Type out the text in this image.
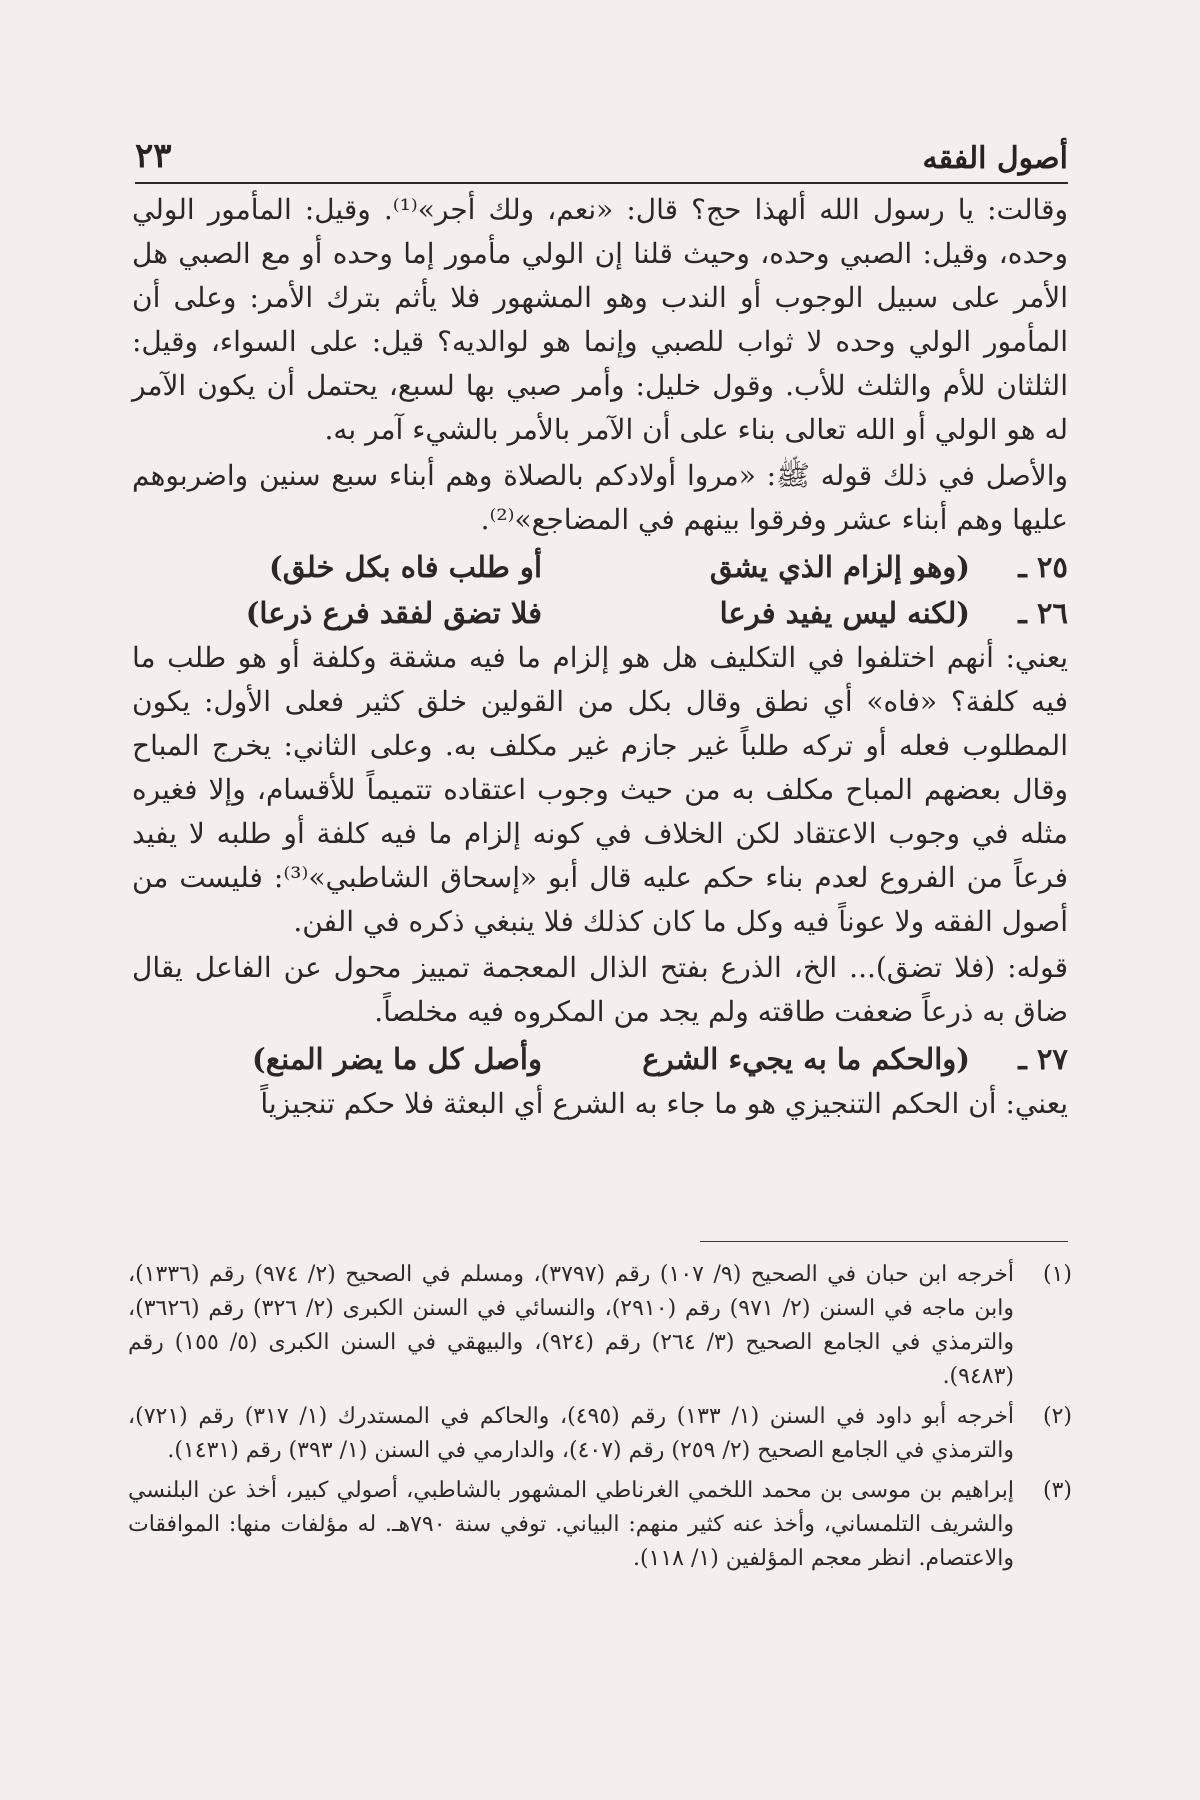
أصول الفقه
٢٣

وقالت: يا رسول الله ألهذا حج؟ قال: «نعم، ولك أجر»⁽¹⁾. وقيل: المأمور الولي وحده، وقيل: الصبي وحده، وحيث قلنا إن الولي مأمور إما وحده أو مع الصبي هل الأمر على سبيل الوجوب أو الندب وهو المشهور فلا يأثم بترك الأمر: وعلى أن المأمور الولي وحده لا ثواب للصبي وإنما هو لوالديه؟ قيل: على السواء، وقيل: الثلثان للأم والثلث للأب. وقول خليل: وأمر صبي بها لسبع، يحتمل أن يكون الآمر له هو الولي أو الله تعالى بناء على أن الآمر بالأمر بالشيء آمر به.

والأصل في ذلك قوله ﷺ: «مروا أولادكم بالصلاة وهم أبناء سبع سنين واضربوهم عليها وهم أبناء عشر وفرقوا بينهم في المضاجع»⁽²⁾.

٢٥ ـ
(وهو إلزام الذي يشق
أو طلب فاه بكل خلق)
٢٦ ـ
(لكنه ليس يفيد فرعا
فلا تضق لفقد فرع ذرعا)

يعني: أنهم اختلفوا في التكليف هل هو إلزام ما فيه مشقة وكلفة أو هو طلب ما فيه كلفة؟ «فاه» أي نطق وقال بكل من القولين خلق كثير فعلى الأول: يكون المطلوب فعله أو تركه طلباً غير جازم غير مكلف به. وعلى الثاني: يخرج المباح وقال بعضهم المباح مكلف به من حيث وجوب اعتقاده تتميماً للأقسام، وإلا فغيره مثله في وجوب الاعتقاد لكن الخلاف في كونه إلزام ما فيه كلفة أو طلبه لا يفيد فرعاً من الفروع لعدم بناء حكم عليه قال أبو «إسحاق الشاطبي»⁽³⁾: فليست من أصول الفقه ولا عوناً فيه وكل ما كان كذلك فلا ينبغي ذكره في الفن.

قوله: (فلا تضق)... الخ، الذرع بفتح الذال المعجمة تمييز محول عن الفاعل يقال ضاق به ذرعاً ضعفت طاقته ولم يجد من المكروه فيه مخلصاً.

٢٧ ـ
(والحكم ما به يجيء الشرع
وأصل كل ما يضر المنع)

يعني: أن الحكم التنجيزي هو ما جاء به الشرع أي البعثة فلا حكم تنجيزياً

(١)
أخرجه ابن حبان في الصحيح (٩/ ١٠٧) رقم (٣٧٩٧)، ومسلم في الصحيح (٢/ ٩٧٤) رقم (١٣٣٦)، وابن ماجه في السنن (٢/ ٩٧١) رقم (٢٩١٠)، والنسائي في السنن الكبرى (٢/ ٣٢٦) رقم (٣٦٢٦)، والترمذي في الجامع الصحيح (٣/ ٢٦٤) رقم (٩٢٤)، والبيهقي في السنن الكبرى (٥/ ١٥٥) رقم (٩٤٨٣).
(٢)
أخرجه أبو داود في السنن (١/ ١٣٣) رقم (٤٩٥)، والحاكم في المستدرك (١/ ٣١٧) رقم (٧٢١)، والترمذي في الجامع الصحيح (٢/ ٢٥٩) رقم (٤٠٧)، والدارمي في السنن (١/ ٣٩٣) رقم (١٤٣١).
(٣)
إبراهيم بن موسى بن محمد اللخمي الغرناطي المشهور بالشاطبي، أصولي كبير، أخذ عن البلنسي والشريف التلمساني، وأخذ عنه كثير منهم: البياني. توفي سنة ٧٩٠هـ. له مؤلفات منها: الموافقات والاعتصام. انظر معجم المؤلفين (١/ ١١٨).
